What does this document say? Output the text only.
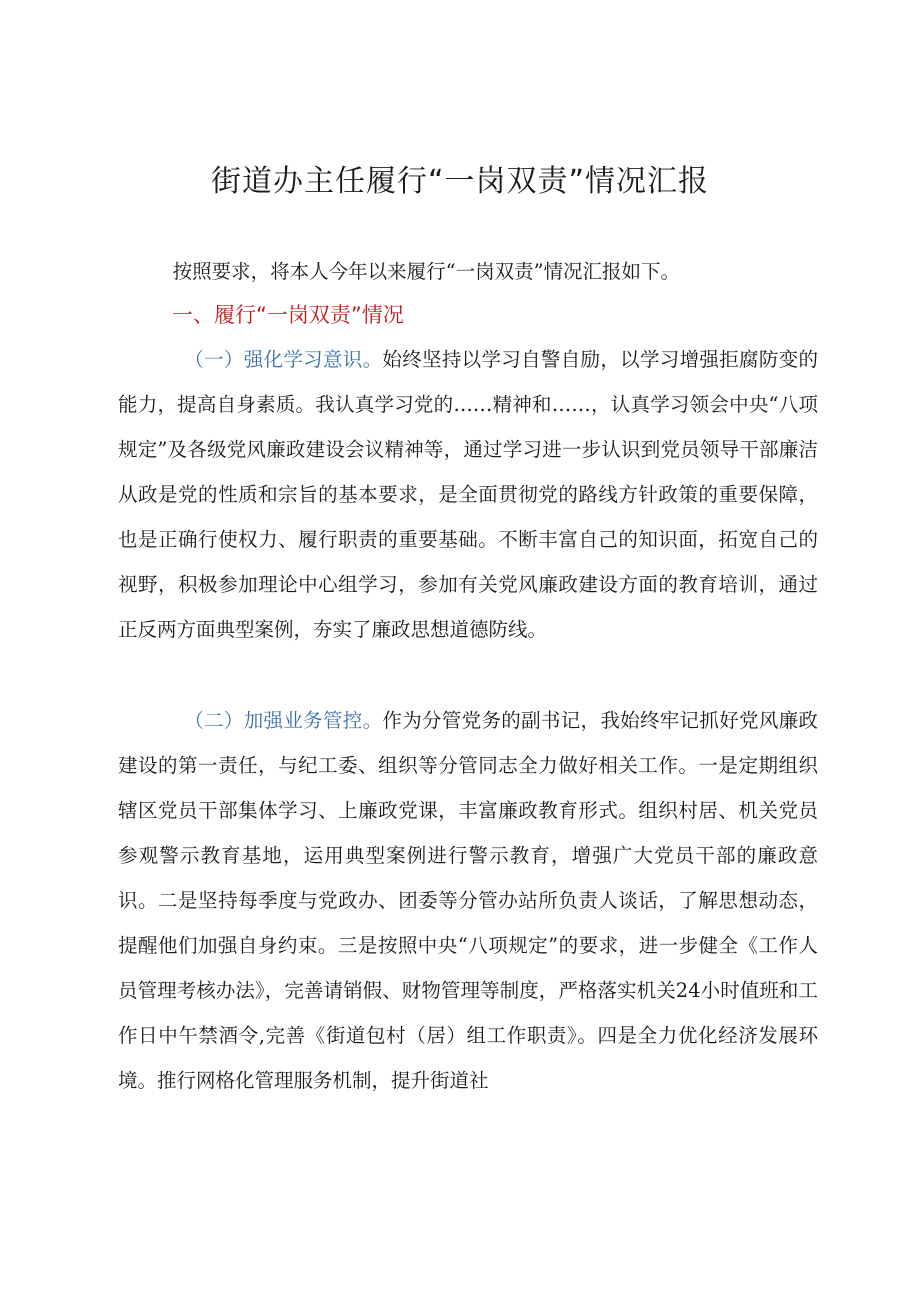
街道办主任履行“一岗双责”情况汇报

按照要求，将本人今年以来履行“一岗双责”情况汇报如下。

一、履行“一岗双责”情况

（一）强化学习意识。始终坚持以学习自警自励，以学习增强拒腐防变的能力，提高自身素质。我认真学习党的……精神和……，认真学习领会中央“八项规定”及各级党风廉政建设会议精神等，通过学习进一步认识到党员领导干部廉洁从政是党的性质和宗旨的基本要求，是全面贯彻党的路线方针政策的重要保障，也是正确行使权力、履行职责的重要基础。不断丰富自己的知识面，拓宽自己的视野，积极参加理论中心组学习，参加有关党风廉政建设方面的教育培训，通过正反两方面典型案例，夯实了廉政思想道德防线。

（二）加强业务管控。作为分管党务的副书记，我始终牢记抓好党风廉政建设的第一责任，与纪工委、组织等分管同志全力做好相关工作。一是定期组织辖区党员干部集体学习、上廉政党课，丰富廉政教育形式。组织村居、机关党员参观警示教育基地，运用典型案例进行警示教育，增强广大党员干部的廉政意识。二是坚持每季度与党政办、团委等分管办站所负责人谈话，了解思想动态，提醒他们加强自身约束。三是按照中央“八项规定”的要求，进一步健全《工作人员管理考核办法》，完善请销假、财物管理等制度，严格落实机关24小时值班和工作日中午禁酒令,完善《街道包村（居）组工作职责》。四是全力优化经济发展环境。推行网格化管理服务机制，提升街道社
